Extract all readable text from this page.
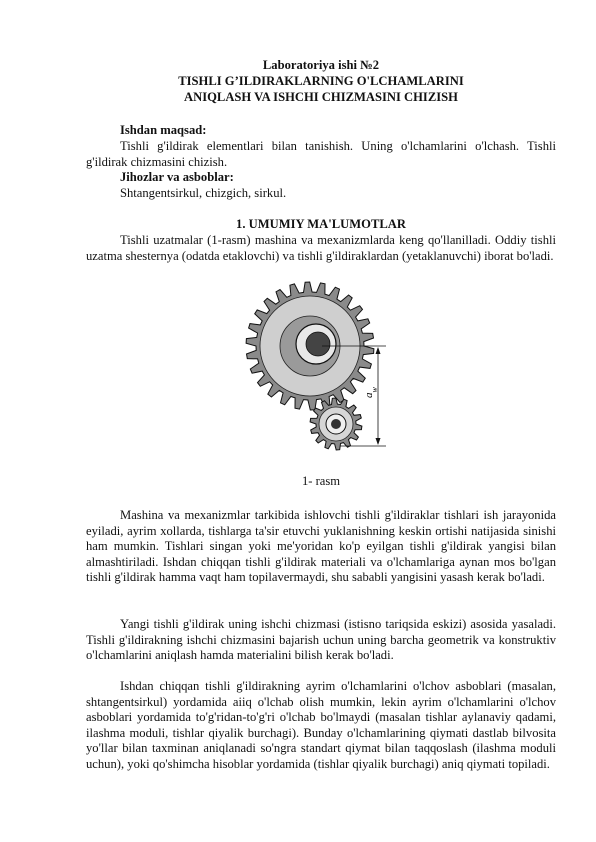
Laboratoriya ishi №2
TISHLI G’ILDIRAKLARNING O'LCHAMLARINI
ANIQLASH VA ISHCHI CHIZMASINI CHIZISH
Ishdan maqsad:

Tishli g'ildirak elementlari bilan tanishish. Uning o'lchamlarini o'lchash. Tishli g'ildirak chizmasini chizish.

Jihozlar va asboblar:
Shtangentsirkul, chizgich, sirkul.
1. UMUMIY MA'LUMOTLAR

Tishli uzatmalar (1-rasm) mashina va mexanizmlarda keng qo'llanilladi. Oddiy tishli uzatma shesternya (odatda etaklovchi) va tishli g'ildiraklardan (yetaklanuvchi) iborat bo'ladi.

$a_w$
1- rasm

Mashina va mexanizmlar tarkibida ishlovchi tishli g'ildiraklar tishlari ish jarayonida eyiladi, ayrim xollarda, tishlarga ta'sir etuvchi yuklanishning keskin ortishi natijasida sinishi ham mumkin. Tishlari singan yoki me'yoridan ko'p eyilgan tishli g'ildirak yangisi bilan almashtiriladi. Ishdan chiqqan tishli g'ildirak materiali va o'lchamlariga aynan mos bo'lgan tishli g'ildirak hamma vaqt ham topilavermaydi, shu sababli yangisini yasash kerak bo'ladi.

Yangi tishli g'ildirak uning ishchi chizmasi (istisno tariqsida eskizi) asosida yasaladi. Tishli g'ildirakning ishchi chizmasini bajarish uchun uning barcha geometrik va konstruktiv o'lchamlarini aniqlash hamda materialini bilish kerak bo'ladi.

Ishdan chiqqan tishli g'ildirakning ayrim o'lchamlarini o'lchov asboblari (masalan, shtangentsirkul) yordamida aiiq o'lchab olish mumkin, lekin ayrim o'lchamlarini o'lchov asboblari yordamida to'g'ridan-to'g'ri o'lchab bo'lmaydi (masalan tishlar aylanaviy qadami, ilashma moduli, tishlar qiyalik burchagi). Bunday o'lchamlarining qiymati dastlab bilvosita yo'llar bilan taxminan aniqlanadi so'ngra standart qiymat bilan taqqoslash (ilashma moduli uchun), yoki qo'shimcha hisoblar yordamida (tishlar qiyalik burchagi) aniq qiymati topiladi.
